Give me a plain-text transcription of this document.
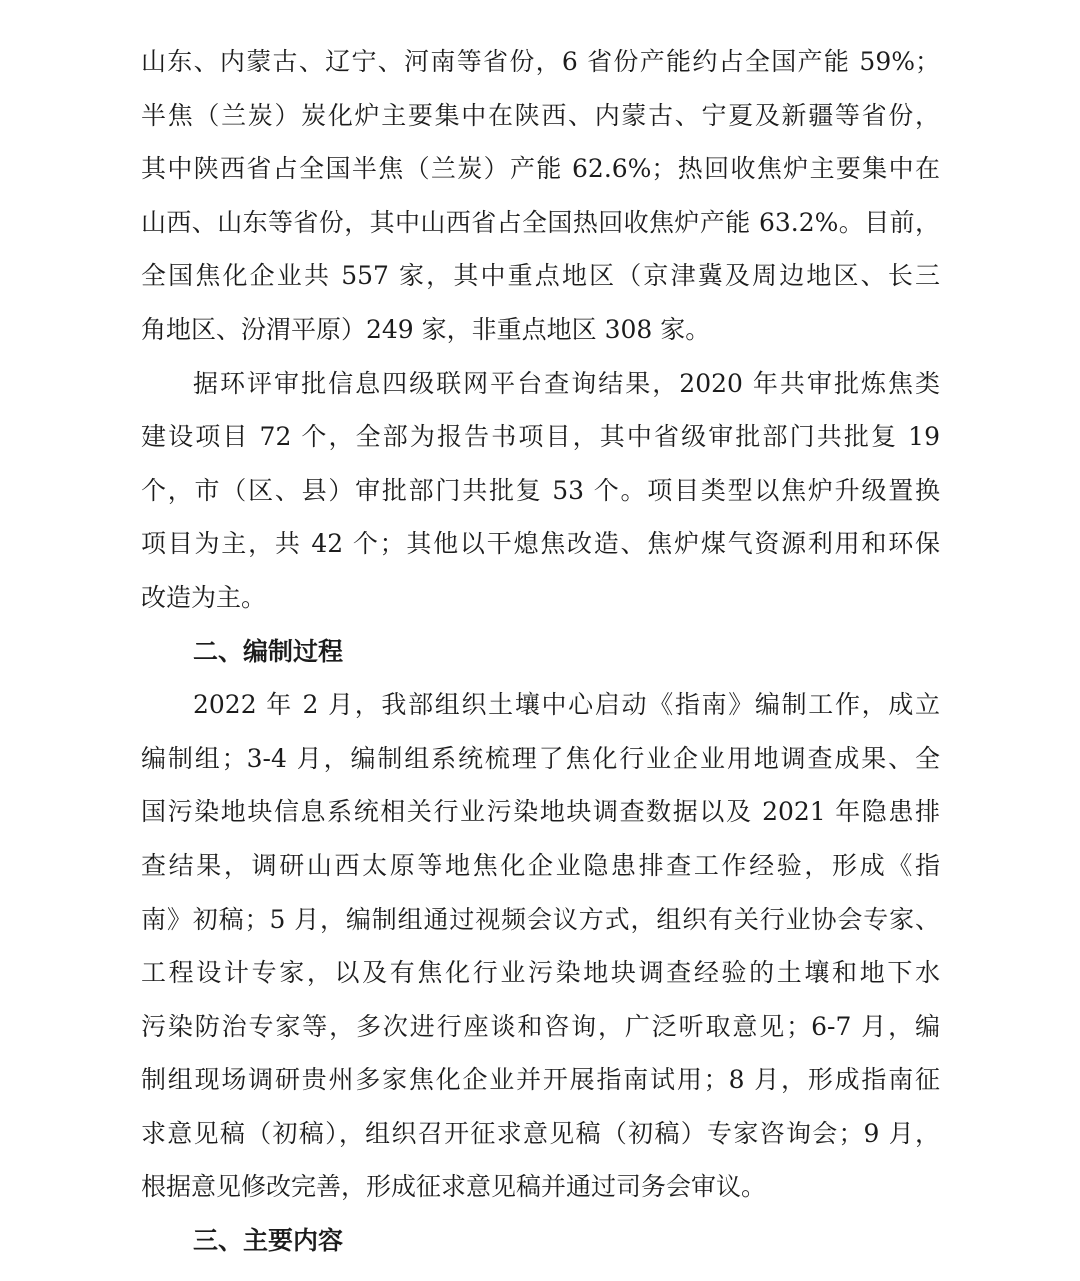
山东、内蒙古、辽宁、河南等省份，6 省份产能约占全国产能 59%；
半焦（兰炭）炭化炉主要集中在陕西、内蒙古、宁夏及新疆等省份，
其中陕西省占全国半焦（兰炭）产能 62.6%；热回收焦炉主要集中在
山西、山东等省份，其中山西省占全国热回收焦炉产能 63.2%。目前，
全国焦化企业共 557 家，其中重点地区（京津冀及周边地区、长三
角地区、汾渭平原）249 家，非重点地区 308 家。
据环评审批信息四级联网平台查询结果，2020 年共审批炼焦类
建设项目 72 个，全部为报告书项目，其中省级审批部门共批复 19
个，市（区、县）审批部门共批复 53 个。项目类型以焦炉升级置换
项目为主，共 42 个；其他以干熄焦改造、焦炉煤气资源利用和环保
改造为主。
二、编制过程
2022 年 2 月，我部组织土壤中心启动《指南》编制工作，成立
编制组；3-4 月，编制组系统梳理了焦化行业企业用地调查成果、全
国污染地块信息系统相关行业污染地块调查数据以及 2021 年隐患排
查结果，调研山西太原等地焦化企业隐患排查工作经验，形成《指
南》初稿；5 月，编制组通过视频会议方式，组织有关行业协会专家、
工程设计专家，以及有焦化行业污染地块调查经验的土壤和地下水
污染防治专家等，多次进行座谈和咨询，广泛听取意见；6-7 月，编
制组现场调研贵州多家焦化企业并开展指南试用；8 月，形成指南征
求意见稿（初稿），组织召开征求意见稿（初稿）专家咨询会；9 月，
根据意见修改完善，形成征求意见稿并通过司务会审议。
三、主要内容
